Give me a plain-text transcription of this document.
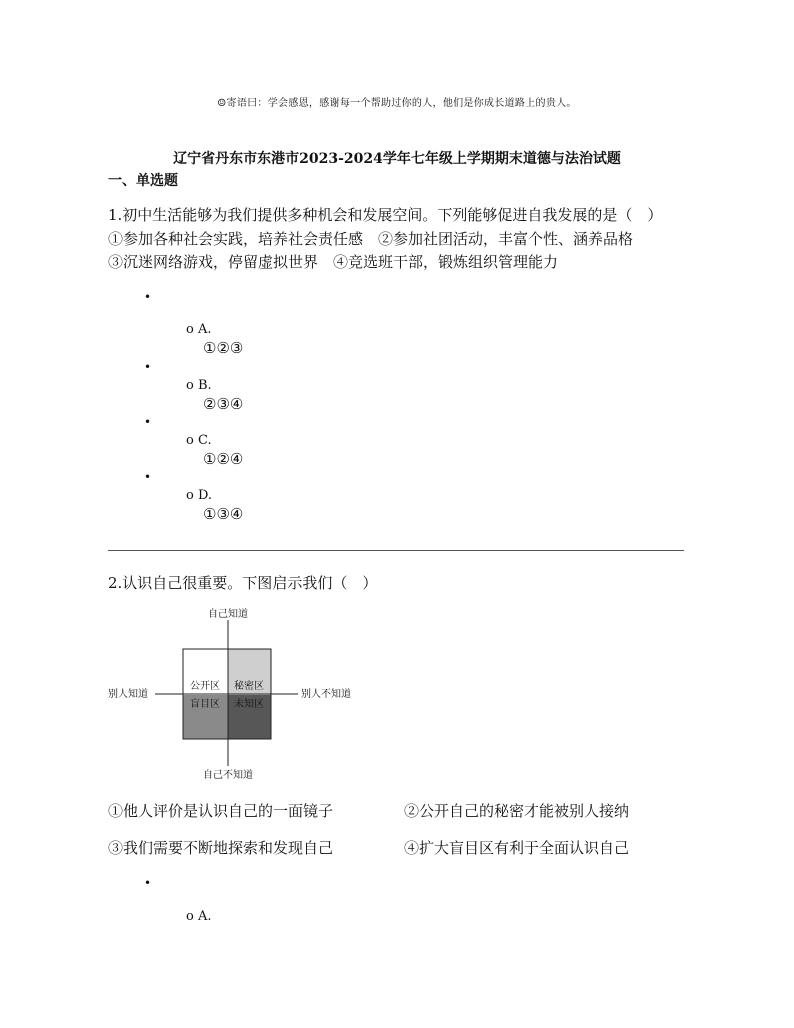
☺寄语曰：学会感恩，感谢每一个帮助过你的人，他们是你成长道路上的贵人。
辽宁省丹东市东港市2023-2024学年七年级上学期期末道德与法治试题
一、单选题
1.初中生活能够为我们提供多种机会和发展空间。下列能够促进自我发展的是（　）
①参加各种社会实践，培养社会责任感　②参加社团活动，丰富个性、涵养品格
③沉迷网络游戏，停留虚拟世界　④竞选班干部，锻炼组织管理能力
•
o A.
①②③
•
o B.
②③④
•
o C.
①②④
•
o D.
①③④
2.认识自己很重要。下图启示我们（　）
自己知道
自己不知道
别人知道	别人不知道
公开区 秘密区
盲目区 未知区
①他人评价是认识自己的一面镜子	②公开自己的秘密才能被别人接纳
③我们需要不断地探索和发现自己	④扩大盲目区有利于全面认识自己
•
o A.
